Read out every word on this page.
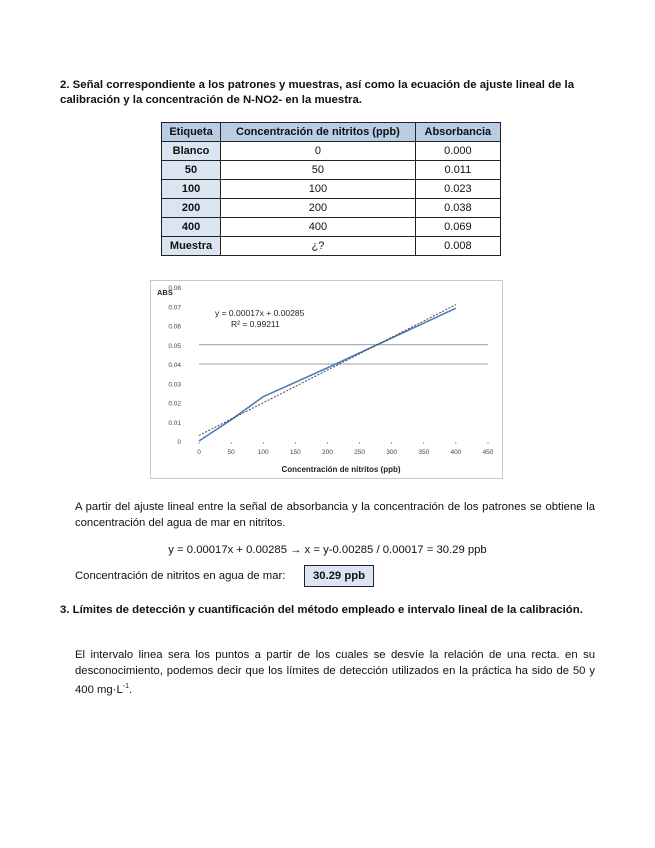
2. Señal correspondiente a los patrones y muestras, así como la ecuación de ajuste lineal de la calibración y la concentración de N-NO2- en la muestra.

Etiqueta	Concentración de nitritos (ppb)	Absorbancia
Blanco	0	0.000
50	50	0.011
100	100	0.023
200	200	0.038
400	400	0.069
Muestra	¿?	0.008
ABS
0
0.01
0.02
0.03
0.04
0.05
0.06
0.07
0.08
0	50	100	150	200	250	300	350	400	450
y = 0.00017x + 0.00285
R² = 0.99211
Concentración de nitritos (ppb)

A partir del ajuste lineal entre la señal de absorbancia y la concentración de los patrones se obtiene la concentración del agua de mar en nitritos.

y = 0.00017x + 0.00285 → x = y-0.00285 / 0.00017 = 30.29 ppb
Concentración de nitritos en agua de mar:	30.29 ppb

3. Límites de detección y cuantificación del método empleado e intervalo lineal de la calibración.

El intervalo linea sera los puntos a partir de los cuales se desvíe la relación de una recta. en su desconocimiento, podemos decir que los límites de detección utilizados en la práctica ha sido de 50 y 400 $mg\cdot L^{-1}$.
